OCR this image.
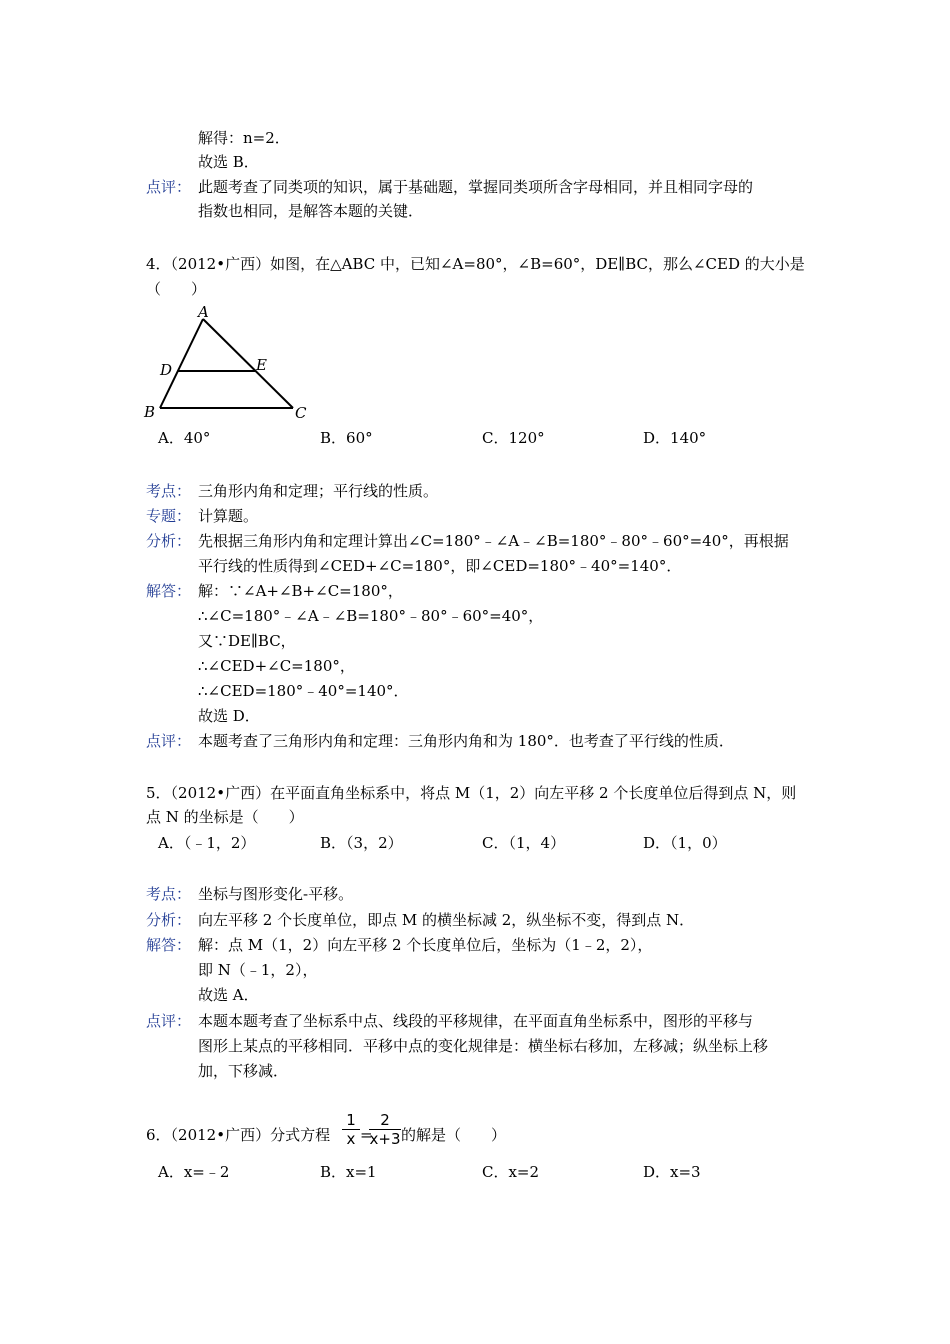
解得：n=2．
故选 B．
点评： 此题考查了同类项的知识，属于基础题，掌握同类项所含字母相同，并且相同字母的
指数也相同，是解答本题的关键．
4．（2012•广西）如图，在△ABC 中，已知∠A=80°，∠B=60°，DE∥BC，那么∠CED 的大小是
（　　）
A
D	E
B	C
A．40°	B．60°	C．120°	D．140°
考点： 三角形内角和定理；平行线的性质。
专题： 计算题。
分析： 先根据三角形内角和定理计算出∠C=180°﹣∠A﹣∠B=180°﹣80°﹣60°=40°，再根据
平行线的性质得到∠CED+∠C=180°，即∠CED=180°﹣40°=140°．
解答： 解：∵∠A+∠B+∠C=180°，
∴∠C=180°﹣∠A﹣∠B=180°﹣80°﹣60°=40°，
又∵DE∥BC，
∴∠CED+∠C=180°，
∴∠CED=180°﹣40°=140°．
故选 D．
点评： 本题考查了三角形内角和定理：三角形内角和为 180°．也考查了平行线的性质．
5．（2012•广西）在平面直角坐标系中，将点 M（1，2）向左平移 2 个长度单位后得到点 N，则
点 N 的坐标是（　　）
A．（﹣1，2）	B．（3，2）	C．（1，4）	D．（1，0）
考点： 坐标与图形变化-平移。
分析： 向左平移 2 个长度单位，即点 M 的横坐标减 2，纵坐标不变，得到点 N．
解答： 解：点 M（1，2）向左平移 2 个长度单位后，坐标为（1﹣2，2），
即 N（﹣1，2），
故选 A．
点评： 本题本题考查了坐标系中点、线段的平移规律，在平面直角坐标系中，图形的平移与
图形上某点的平移相同．平移中点的变化规律是：横坐标右移加，左移减；纵坐标上移
加，下移减．
6．（2012•广西）分式方程
1
x =
2
x+3 的解是（　　）
A．x=﹣2	B．x=1	C．x=2	D．x=3
